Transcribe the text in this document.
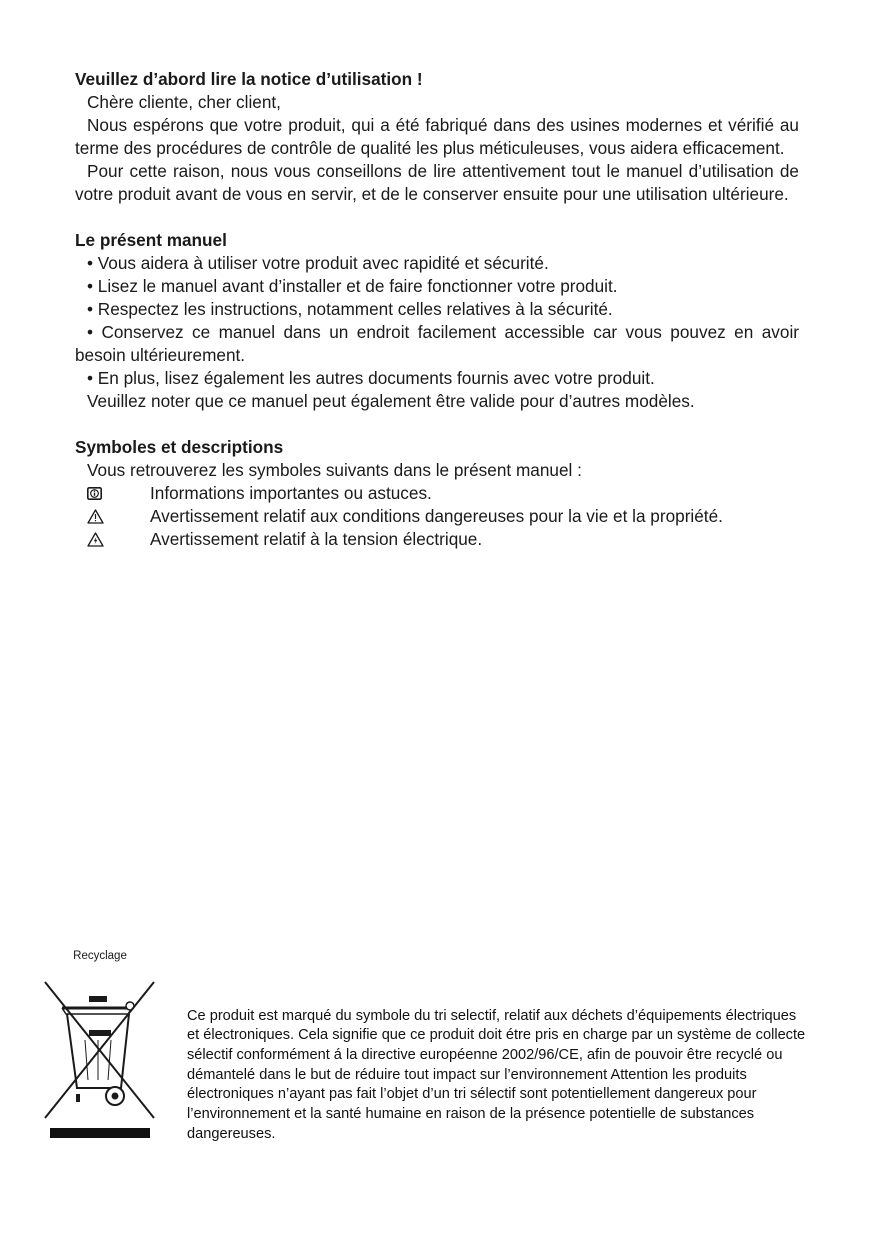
Veuillez d’abord lire la notice d’utilisation !

Chère cliente, cher client,

Nous espérons que votre produit, qui a été fabriqué dans des usines modernes et vérifié au terme des procédures de contrôle de qualité les plus méticuleuses, vous aidera efficacement.

Pour cette raison, nous vous conseillons de lire attentivement tout le manuel d’utilisation de votre produit avant de vous en servir, et de le conserver ensuite pour une utilisation ultérieure.

Le présent manuel

• Vous aidera à utiliser votre produit avec rapidité et sécurité.

• Lisez le manuel avant d’installer et de faire fonctionner votre produit.

• Respectez les instructions, notamment celles relatives à la sécurité.

• Conservez ce manuel dans un endroit facilement accessible car vous pouvez en avoir besoin ultérieurement.

• En plus, lisez également les autres documents fournis avec votre produit.

Veuillez noter que ce manuel peut également être valide pour d’autres modèles.

Symboles et descriptions

Vous retrouverez les symboles suivants dans le présent manuel :

Informations importantes ou astuces.
Avertissement relatif aux conditions dangereuses pour la vie et la propriété.
Avertissement relatif à la tension électrique.

Recyclage

Ce produit est marqué du symbole du tri selectif, relatif aux déchets d’équipements électriques et électroniques. Cela signifie que ce produit doit étre pris en charge par un système de collecte sélectif conformément á la directive européenne 2002/96/CE, afin de pouvoir être recyclé ou démantelé dans le but de réduire tout impact sur l’environnement Attention les produits électroniques n’ayant pas fait l’objet d’un tri sélectif sont potentiellement dangereux pour l’environnement et la santé humaine en raison de la présence potentielle de substances dangereuses.
